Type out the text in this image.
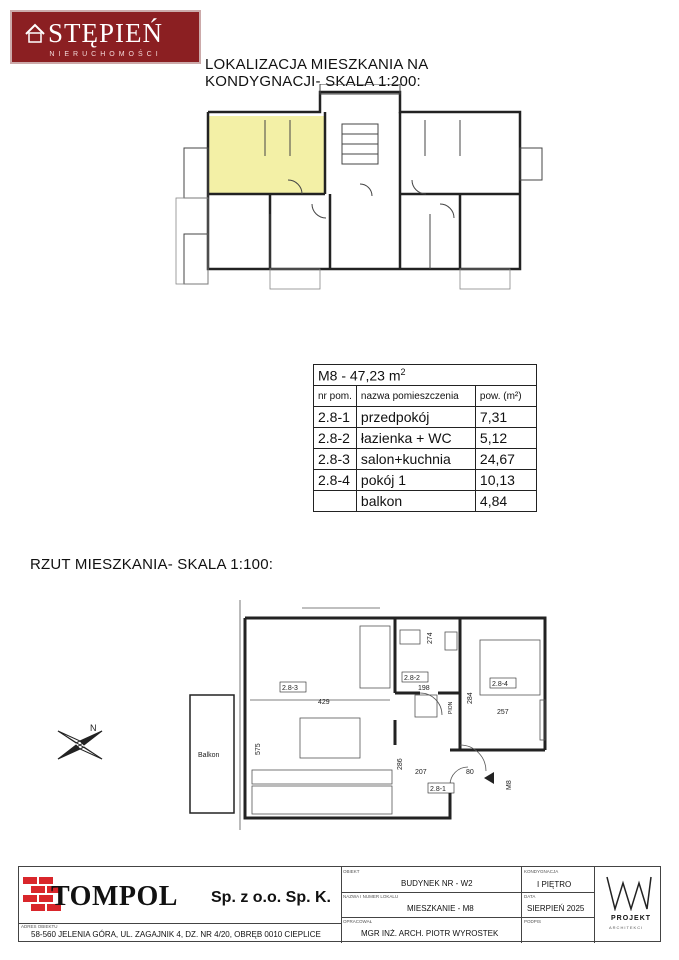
STĘPIEŃ
NIERUCHOMOŚCI
LOKALIZACJA MIESZKANIA NA KONDYGNACJI- SKALA 1:200:
M8 - 47,23 $m^2$
nr pom.	nazwa pomieszczenia	pow. (m²)
2.8-1	przedpokój	7,31
2.8-2	łazienka + WC	5,12
2.8-3	salon+kuchnia	24,67
2.8-4	pokój 1	10,13
	balkon	4,84
RZUT MIESZKANIA- SKALA 1:100:
N
2.8-3
2.8-2
2.8-4
2.8-1
Balkon
429
198
257
207	80
575
274
284
286
PION
M8
TOMPOL Sp. z o.o. Sp. K.
ADRES OBIEKTU
58-560 JELENIA GÓRA, UL. ZAGAJNIK 4, DZ. NR 4/20, OBRĘB 0010 CIEPLICE
OBIEKT
BUDYNEK NR - W2
NAZWA I NUMER LOKALU
MIESZKANIE - M8
OPRACOWAŁ
MGR INŻ. ARCH. PIOTR WYROSTEK
KONDYGNACJA
I PIĘTRO
DATA
SIERPIEŃ 2025
PODPIS	PROJEKT
ARCHITEKCI
